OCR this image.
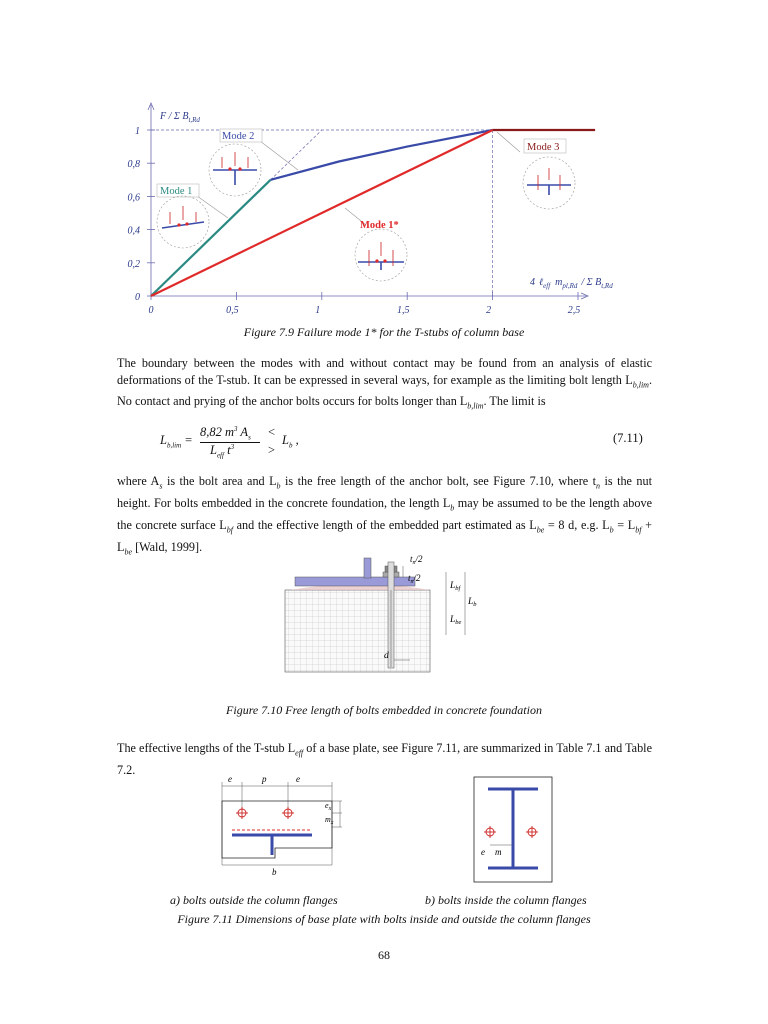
0	0,5	1	1,5	2	2,5
0
0,2
0,4
0,6
0,8
1
F / Σ $B_{t,Rd}$
4 ℓ$_{eff}$ $m_{pl,Rd}$ / Σ $B_{t,Rd}$
Mode 1
Mode 2
Mode 3
Mode 1*
Figure 7.9 Failure mode 1* for the T-stubs of column base

The boundary between the modes with and without contact may be found from an analysis of elastic deformations of the T-stub. It can be expressed in several ways, for example as the limiting bolt length $L_{b,lim}$. No contact and prying of the anchor bolts occurs for bolts longer than $L_{b,lim}$. The limit is

$L_{b,lim}$ =
8,82 $m^3$ $A_s$
$L_{eff}$ $t^3$
<
>
$L_b$ ,	(7.11)

where $A_s$ is the bolt area and $L_b$ is the free length of the anchor bolt, see Figure 7.10, where $t_n$ is the nut height. For bolts embedded in the concrete foundation, the length $L_b$ may be assumed to be the length above the concrete surface $L_{bf}$ and the effective length of the embedded part estimated as $L_{be} = 8$ d, e.g. $L_b = L_{bf} + L_{be}$ [Wald, 1999].

$t_n/2$
$t_n/2$
$L_{bf}$
$L_b$
$L_{be}$
d
Figure 7.10 Free length of bolts embedded in concrete foundation

The effective lengths of the T-stub $L_{eff}$ of a base plate, see Figure 7.11, are summarized in Table 7.1 and Table 7.2.

e	p	e
$e_x$
$m_x$
b
e m
a) bolts outside the column flanges	b) bolts inside the column flanges
Figure 7.11 Dimensions of base plate with bolts inside and outside the column flanges
68
